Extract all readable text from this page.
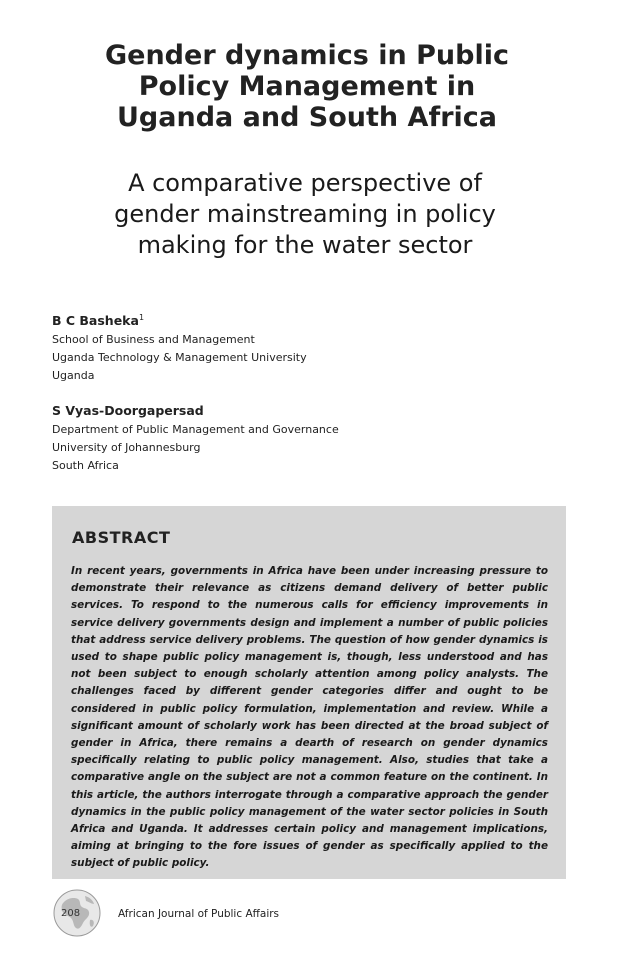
Gender dynamics in Public
Policy Management in
Uganda and South Africa
A comparative perspective of
gender mainstreaming in policy
making for the water sector
B C Basheka$^1$
School of Business and Management
Uganda Technology & Management University
Uganda
S Vyas-Doorgapersad
Department of Public Management and Governance
University of Johannesburg
South Africa
ABSTRACT

In recent years, governments in Africa have been under increasing pressure to demonstrate their relevance as citizens demand delivery of better public services. To respond to the numerous calls for efficiency improvements in service delivery governments design and implement a number of public policies that address service delivery problems. The question of how gender dynamics is used to shape public policy management is, though, less understood and has not been subject to enough scholarly attention among policy analysts. The challenges faced by different gender categories differ and ought to be considered in public policy formulation, implementation and review. While a significant amount of scholarly work has been directed at the broad subject of gender in Africa, there remains a dearth of research on gender dynamics specifically relating to public policy management. Also, studies that take a comparative angle on the subject are not a common feature on the continent. In this article, the authors interrogate through a comparative approach the gender dynamics in the public policy management of the water sector policies in South Africa and Uganda. It addresses certain policy and management implications, aiming at bringing to the fore issues of gender as specifically applied to the subject of public policy.

208	African Journal of Public Affairs
